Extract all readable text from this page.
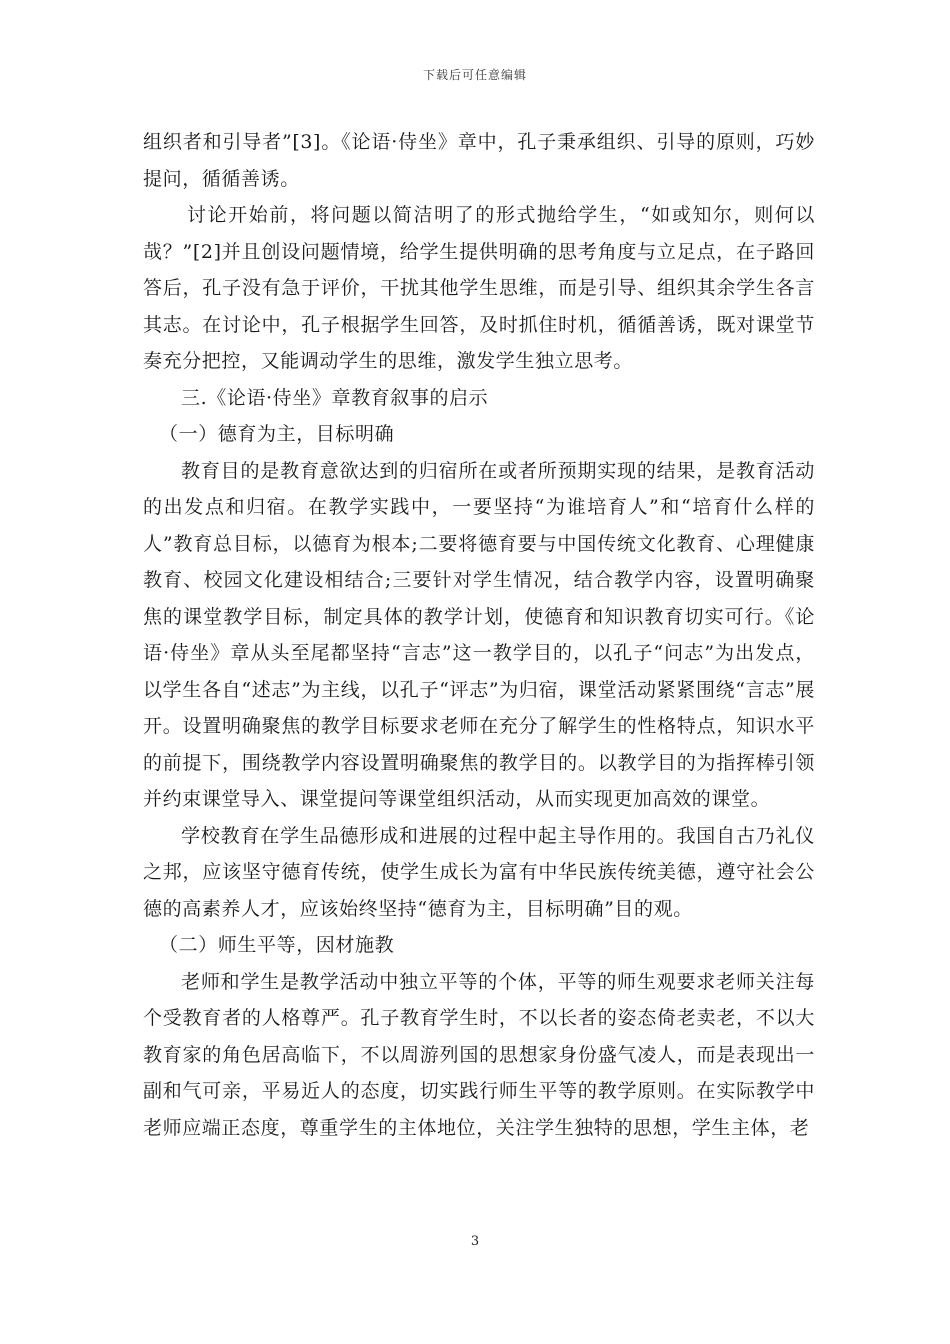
下载后可任意编辑

组织者和引导者”[3]。《论语·侍坐》章中，孔子秉承组织、引导的原则，巧妙提问，循循善诱。

讨论开始前，将问题以简洁明了的形式抛给学生，“如或知尔，则何以哉？”[2]并且创设问题情境，给学生提供明确的思考角度与立足点，在子路回答后，孔子没有急于评价，干扰其他学生思维，而是引导、组织其余学生各言其志。在讨论中，孔子根据学生回答，及时抓住时机，循循善诱，既对课堂节奏充分把控，又能调动学生的思维，激发学生独立思考。

三.《论语·侍坐》章教育叙事的启示

（一）德育为主，目标明确

教育目的是教育意欲达到的归宿所在或者所预期实现的结果，是教育活动的出发点和归宿。在教学实践中，一要坚持“为谁培育人”和“培育什么样的人”教育总目标，以德育为根本;二要将德育要与中国传统文化教育、心理健康教育、校园文化建设相结合;三要针对学生情况，结合教学内容，设置明确聚焦的课堂教学目标，制定具体的教学计划，使德育和知识教育切实可行。《论语·侍坐》章从头至尾都坚持“言志”这一教学目的，以孔子“问志”为出发点，以学生各自“述志”为主线，以孔子“评志”为归宿，课堂活动紧紧围绕“言志”展开。设置明确聚焦的教学目标要求老师在充分了解学生的性格特点，知识水平的前提下，围绕教学内容设置明确聚焦的教学目的。以教学目的为指挥棒引领并约束课堂导入、课堂提问等课堂组织活动，从而实现更加高效的课堂。

学校教育在学生品德形成和进展的过程中起主导作用的。我国自古乃礼仪之邦，应该坚守德育传统，使学生成长为富有中华民族传统美德，遵守社会公德的高素养人才，应该始终坚持“德育为主，目标明确”目的观。

（二）师生平等，因材施教

老师和学生是教学活动中独立平等的个体，平等的师生观要求老师关注每个受教育者的人格尊严。孔子教育学生时，不以长者的姿态倚老卖老，不以大教育家的角色居高临下，不以周游列国的思想家身份盛气凌人，而是表现出一副和气可亲，平易近人的态度，切实践行师生平等的教学原则。在实际教学中老师应端正态度，尊重学生的主体地位，关注学生独特的思想，学生主体，老

3
